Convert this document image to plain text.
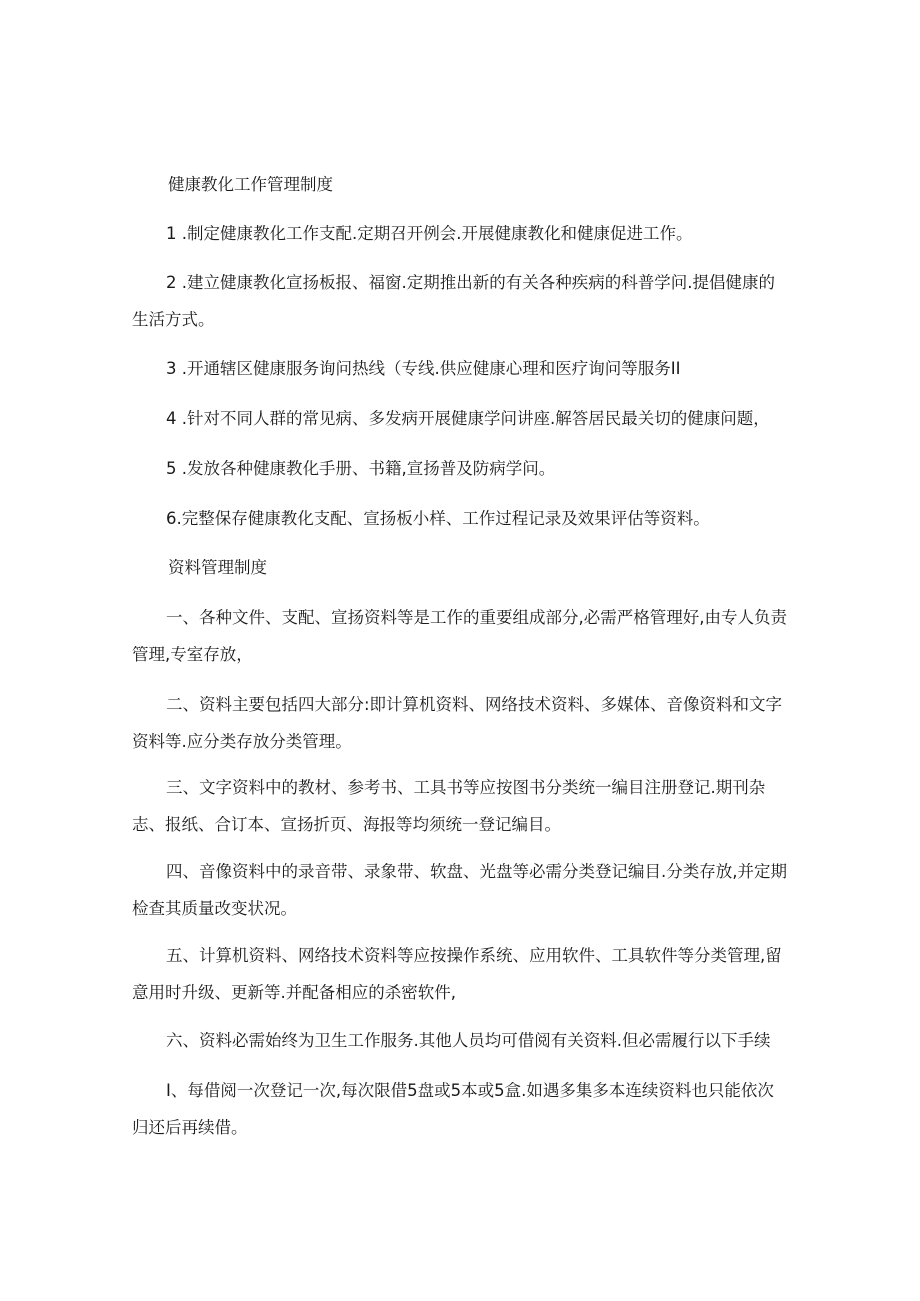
健康教化工作管理制度

1 .制定健康教化工作支配.定期召开例会.开展健康教化和健康促进工作。

2 .建立健康教化宣扬板报、福窗.定期推出新的有关各种疾病的科普学问.提倡健康的生活方式。

3 .开通辖区健康服务询问热线（专线.供应健康心理和医疗询问等服务II

4 .针对不同人群的常见病、多发病开展健康学问讲座.解答居民最关切的健康问题，

5 .发放各种健康教化手册、书籍,宣扬普及防病学问。

6.完整保存健康教化支配、宣扬板小样、工作过程记录及效果评估等资料。

资料管理制度

一、各种文件、支配、宣扬资料等是工作的重要组成部分,必需严格管理好,由专人负责管理,专室存放，

二、资料主要包括四大部分:即计算机资料、网络技术资料、多媒体、音像资料和文字资料等.应分类存放分类管理。

三、文字资料中的教材、参考书、工具书等应按图书分类统一编目注册登记.期刊杂志、报纸、合订本、宣扬折页、海报等均须统一登记编目。

四、音像资料中的录音带、录象带、软盘、光盘等必需分类登记编目.分类存放,并定期检查其质量改变状况。

五、计算机资料、网络技术资料等应按操作系统、应用软件、工具软件等分类管理,留意用时升级、更新等.并配备相应的杀密软件,

六、资料必需始终为卫生工作服务.其他人员均可借阅有关资料.但必需履行以下手续

I、每借阅一次登记一次,每次限借5盘或5本或5盒.如遇多集多本连续资料也只能依次归还后再续借。
